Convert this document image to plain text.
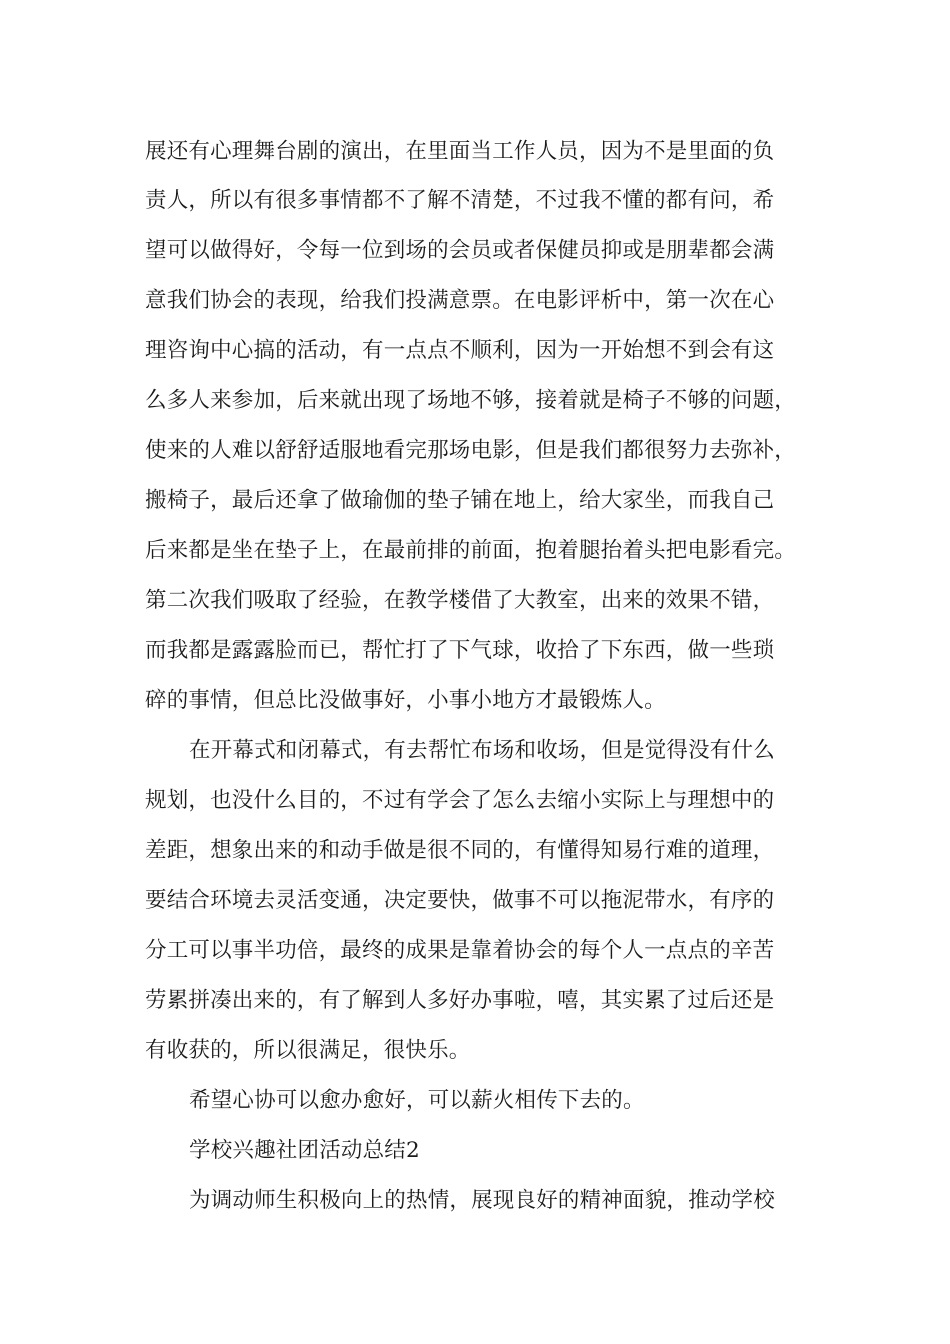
展还有心理舞台剧的演出，在里面当工作人员，因为不是里面的负
责人，所以有很多事情都不了解不清楚，不过我不懂的都有问，希
望可以做得好，令每一位到场的会员或者保健员抑或是朋辈都会满
意我们协会的表现，给我们投满意票。在电影评析中，第一次在心
理咨询中心搞的活动，有一点点不顺利，因为一开始想不到会有这
么多人来参加，后来就出现了场地不够，接着就是椅子不够的问题，
使来的人难以舒舒适服地看完那场电影，但是我们都很努力去弥补，
搬椅子，最后还拿了做瑜伽的垫子铺在地上，给大家坐，而我自己
后来都是坐在垫子上，在最前排的前面，抱着腿抬着头把电影看完。
第二次我们吸取了经验，在教学楼借了大教室，出来的效果不错，
而我都是露露脸而已，帮忙打了下气球，收拾了下东西，做一些琐
碎的事情，但总比没做事好，小事小地方才最锻炼人。
在开幕式和闭幕式，有去帮忙布场和收场，但是觉得没有什么
规划，也没什么目的，不过有学会了怎么去缩小实际上与理想中的
差距，想象出来的和动手做是很不同的，有懂得知易行难的道理，
要结合环境去灵活变通，决定要快，做事不可以拖泥带水，有序的
分工可以事半功倍，最终的成果是靠着协会的每个人一点点的辛苦
劳累拼凑出来的，有了解到人多好办事啦，嘻，其实累了过后还是
有收获的，所以很满足，很快乐。
希望心协可以愈办愈好，可以薪火相传下去的。
学校兴趣社团活动总结2
为调动师生积极向上的热情，展现良好的精神面貌，推动学校
